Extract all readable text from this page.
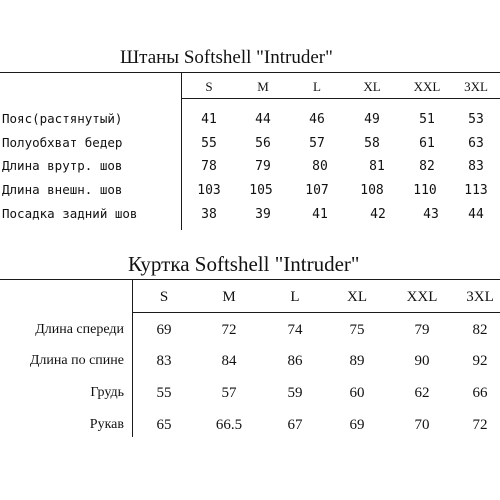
Штаны Softshell "Intruder"
S	M	L	XL	XXL 3XL
Пояс(растянутый)	41	44	46	49	51	53
Полуобхват бедер	55	56	57	58	61	63
Длина врутр. шов	78	79	80	81	82	83
Длина внешн. шов	103 105	107 108 110 113
Посадка задний шов	38	39	41	42	43 44
Куртка Softshell "Intruder"
S	M	L	XL	XXL 3XL
Длина спереди 69	72	74	75	79	82
Длина по спине 83	84	86	89	90	92
Грудь 55	57	59	60	62	66
Рукав 65	66.5	67	69	70	72
